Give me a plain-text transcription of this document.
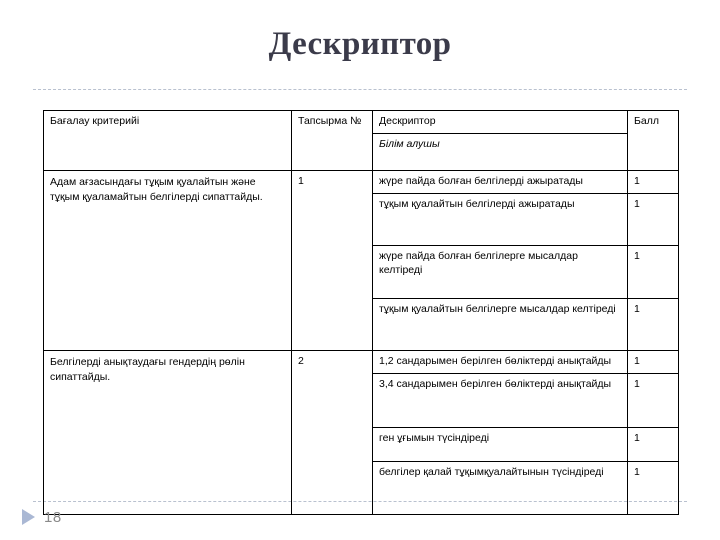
Дескриптор
Бағалау критерийі	Тапсырма №	Дескриптор	Балл
		Білім алушы	
Адам ағзасындағы тұқым қуалайтын және тұқым қуаламайтын белгілерді сипаттайды.	1	жүре пайда болған белгілерді ажыратады	1
		тұқым қуалайтын белгілерді ажыратады	1
		жүре пайда болған белгілерге мысалдар келтіреді	1
		тұқым қуалайтын белгілерге мысалдар келтіреді	1
Белгілерді анықтаудағы гендердің рөлін сипаттайды.	2	1,2 сандарымен берілген бөліктерді анықтайды	1
		3,4 сандарымен берілген бөліктерді анықтайды	1
		ген ұғымын түсіндіреді	1
		белгілер қалай тұқымқуалайтынын түсіндіреді	1
18
